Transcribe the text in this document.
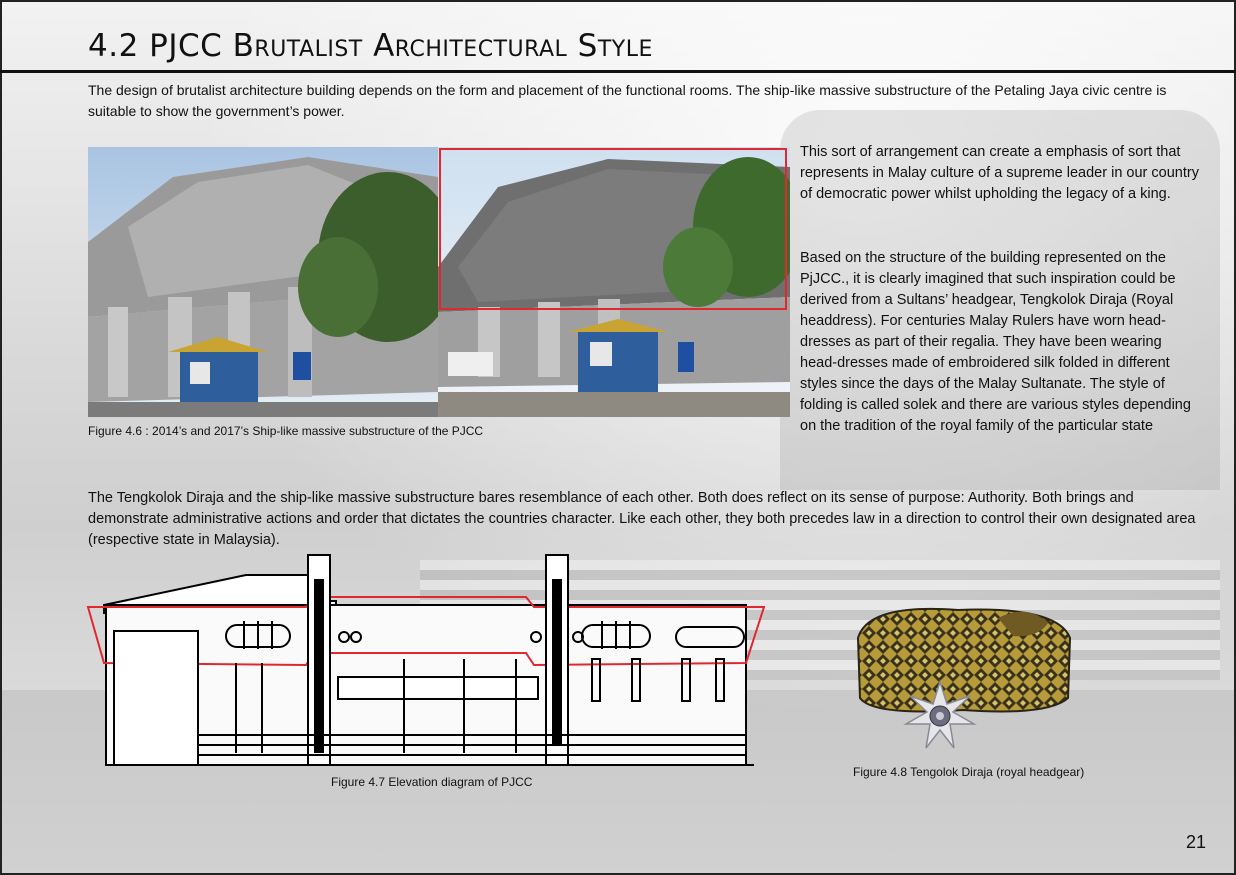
4.2 PJCC Brutalist Architectural Style
The design of brutalist architecture building depends on the form and placement of the functional rooms. The ship-like massive substructure of the Petaling Jaya civic centre is suitable to show the government’s power.
Figure 4.6 : 2014’s and 2017’s Ship-like massive substructure of the PJCC
This sort of arrangement can create a emphasis of sort that represents in Malay culture of a supreme leader in our country of democratic power whilst upholding the legacy of a king.
Based on the structure of the building represented on the PjJCC., it is clearly imagined that such inspiration could be derived from a Sultans’ headgear, Tengkolok Diraja (Royal headdress). For centuries Malay Rulers have worn head-dresses as part of their regalia. They have been wearing head-dresses made of embroidered silk folded in different styles since the days of the Malay Sultanate. The style of folding is called solek and there are various styles depending on the tradition of the royal family of the particular state
The Tengkolok Diraja and the ship-like massive substructure bares resemblance of each other. Both does reflect on its sense of purpose: Authority. Both brings and demonstrate administrative actions and order that dictates the countries character. Like each other, they both precedes law in a direction to control their own designated area (respective state in Malaysia).
Figure 4.7 Elevation diagram of PJCC
Figure 4.8 Tengolok Diraja (royal headgear)
21
